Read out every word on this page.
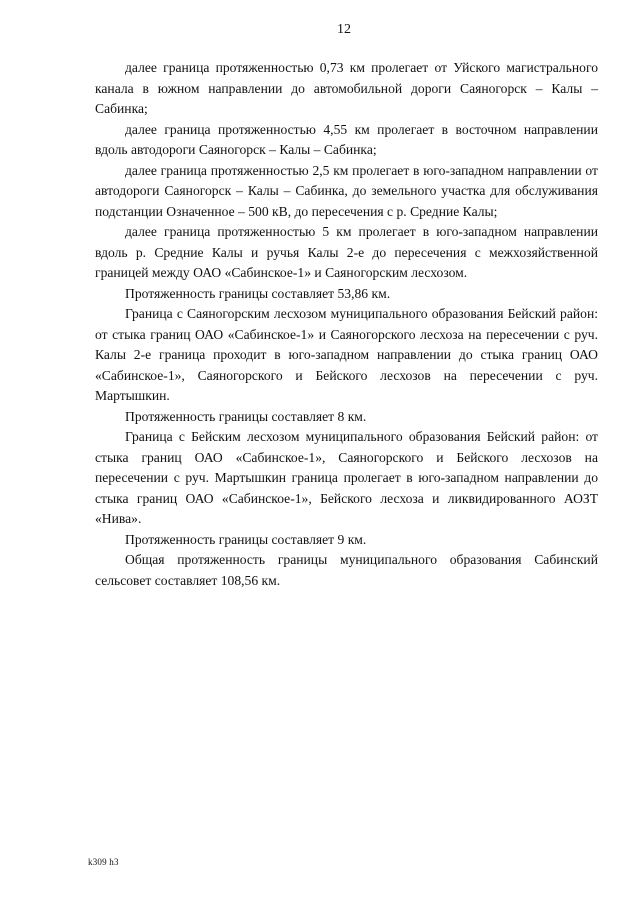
12

далее граница протяженностью 0,73 км пролегает от Уйского магистрального канала в южном направлении до автомобильной дороги Саяногорск – Калы – Сабинка;

далее граница протяженностью 4,55 км пролегает в восточном направлении вдоль автодороги Саяногорск – Калы – Сабинка;

далее граница протяженностью 2,5 км пролегает в юго-западном направлении от автодороги Саяногорск – Калы – Сабинка, до земельного участка для обслуживания подстанции Означенное – 500 кВ, до пересечения с р. Средние Калы;

далее граница протяженностью 5 км пролегает в юго-западном направлении вдоль р. Средние Калы и ручья Калы 2-е до пересечения с межхозяйственной границей между ОАО «Сабинское-1» и Саяногорским лесхозом.

Протяженность границы составляет 53,86 км.

Граница с Саяногорским лесхозом муниципального образования Бейский район: от стыка границ ОАО «Сабинское-1» и Саяногорского лесхоза на пересечении с руч. Калы 2-е граница проходит в юго-западном направлении до стыка границ ОАО «Сабинское-1», Саяногорского и Бейского лесхозов на пересечении с руч. Мартышкин.

Протяженность границы составляет 8 км.

Граница с Бейским лесхозом муниципального образования Бейский район: от стыка границ ОАО «Сабинское-1», Саяногорского и Бейского лесхозов на пересечении с руч. Мартышкин граница пролегает в юго-западном направлении до стыка границ ОАО «Сабинское-1», Бейского лесхоза и ликвидированного АОЗТ «Нива».

Протяженность границы составляет 9 км.

Общая протяженность границы муниципального образования Сабинский сельсовет составляет 108,56 км.

k309 h3
